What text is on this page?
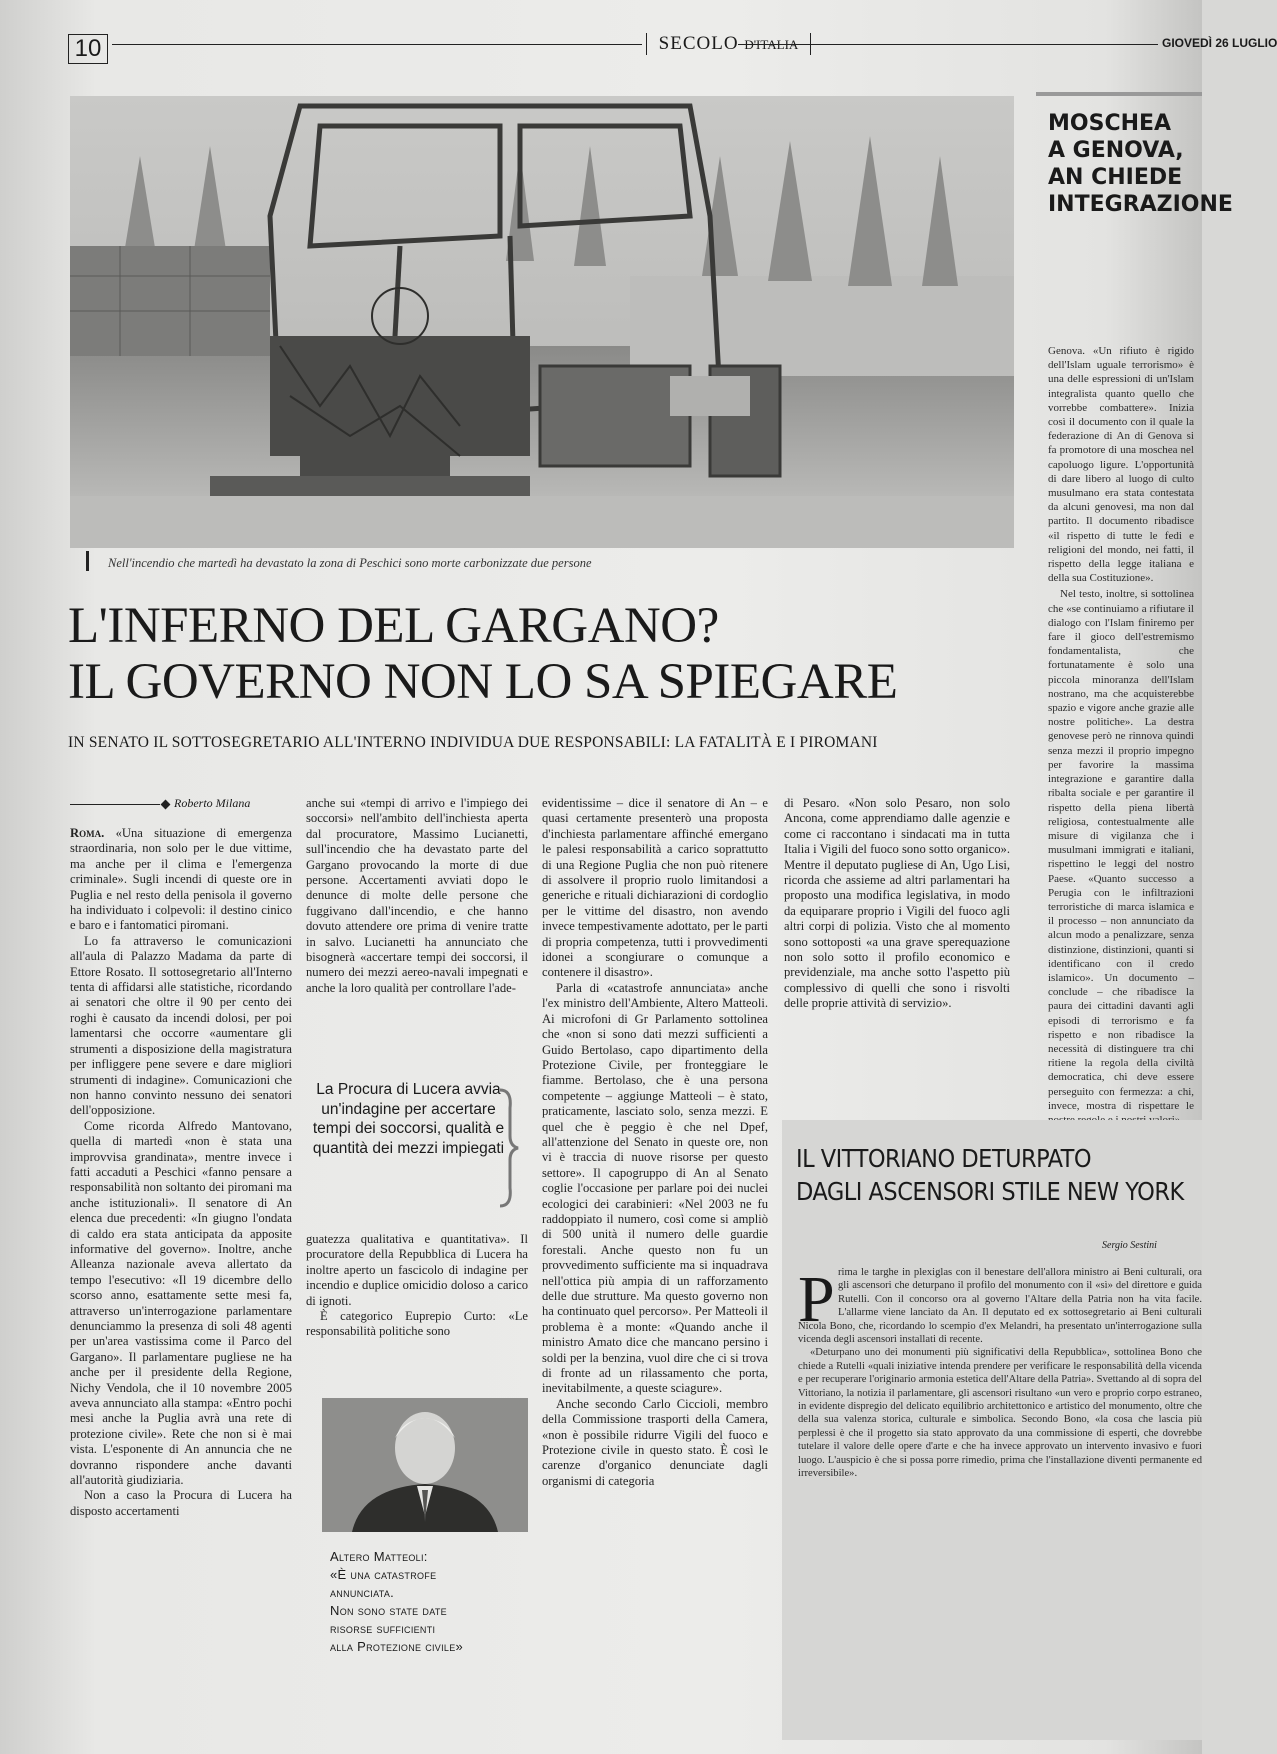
10	SECOLO D'ITALIA	GIOVEDÌ 26 LUGLIO
Nell'incendio che martedì ha devastato la zona di Peschici sono morte carbonizzate due persone
L'INFERNO DEL GARGANO?
IL GOVERNO NON LO SA SPIEGARE
IN SENATO IL SOTTOSEGRETARIO ALL'INTERNO INDIVIDUA DUE RESPONSABILI: LA FATALITÀ E I PIROMANI
Roberto Milana

Roma. «Una situazione di emergenza straordinaria, non solo per le due vittime, ma anche per il clima e l'emergenza criminale». Sugli incendi di queste ore in Puglia e nel resto della penisola il governo ha individuato i colpevoli: il destino cinico e baro e i fantomatici piromani.

Lo fa attraverso le comunicazioni all'aula di Palazzo Madama da parte di Ettore Rosato. Il sottosegretario all'Interno tenta di affidarsi alle statistiche, ricordando ai senatori che oltre il 90 per cento dei roghi è causato da incendi dolosi, per poi lamentarsi che occorre «aumentare gli strumenti a disposizione della magistratura per infliggere pene severe e dare migliori strumenti di indagine». Comunicazioni che non hanno convinto nessuno dei senatori dell'opposizione.

Come ricorda Alfredo Mantovano, quella di martedì «non è stata una improvvisa grandinata», mentre invece i fatti accaduti a Peschici «fanno pensare a responsabilità non soltanto dei piromani ma anche istituzionali». Il senatore di An elenca due precedenti: «In giugno l'ondata di caldo era stata anticipata da apposite informative del governo». Inoltre, anche Alleanza nazionale aveva allertato da tempo l'esecutivo: «Il 19 dicembre dello scorso anno, esattamente sette mesi fa, attraverso un'interrogazione parlamentare denunciammo la presenza di soli 48 agenti per un'area vastissima come il Parco del Gargano». Il parlamentare pugliese ne ha anche per il presidente della Regione, Nichy Vendola, che il 10 novembre 2005 aveva annunciato alla stampa: «Entro pochi mesi anche la Puglia avrà una rete di protezione civile». Rete che non si è mai vista. L'esponente di An annuncia che ne dovranno rispondere anche davanti all'autorità giudiziaria.

Non a caso la Procura di Lucera ha disposto accertamenti

anche sui «tempi di arrivo e l'impiego dei soccorsi» nell'ambito dell'inchiesta aperta dal procuratore, Massimo Lucianetti, sull'incendio che ha devastato parte del Gargano provocando la morte di due persone. Accertamenti avviati dopo le denunce di molte delle persone che fuggivano dall'incendio, e che hanno dovuto attendere ore prima di venire tratte in salvo. Lucianetti ha annunciato che bisognerà «accertare tempi dei soccorsi, il numero dei mezzi aereo-navali impegnati e anche la loro qualità per controllare l'ade-

La Procura di Lucera avvia un'indagine per accertare tempi dei soccorsi, qualità e quantità dei mezzi impiegati

guatezza qualitativa e quantitativa». Il procuratore della Repubblica di Lucera ha inoltre aperto un fascicolo di indagine per incendio e duplice omicidio doloso a carico di ignoti.

È categorico Euprepio Curto: «Le responsabilità politiche sono

Altero Matteoli:
«È una catastrofe
annunciata.
Non sono state date
risorse sufficienti
alla Protezione civile»

evidentissime – dice il senatore di An – e quasi certamente presenterò una proposta d'inchiesta parlamentare affinché emergano le palesi responsabilità a carico soprattutto di una Regione Puglia che non può ritenere di assolvere il proprio ruolo limitandosi a generiche e rituali dichiarazioni di cordoglio per le vittime del disastro, non avendo invece tempestivamente adottato, per le parti di propria competenza, tutti i provvedimenti idonei a scongiurare o comunque a contenere il disastro».

Parla di «catastrofe annunciata» anche l'ex ministro dell'Ambiente, Altero Matteoli. Ai microfoni di Gr Parlamento sottolinea che «non si sono dati mezzi sufficienti a Guido Bertolaso, capo dipartimento della Protezione Civile, per fronteggiare le fiamme. Bertolaso, che è una persona competente – aggiunge Matteoli – è stato, praticamente, lasciato solo, senza mezzi. E quel che è peggio è che nel Dpef, all'attenzione del Senato in queste ore, non vi è traccia di nuove risorse per questo settore». Il capogruppo di An al Senato coglie l'occasione per parlare poi dei nuclei ecologici dei carabinieri: «Nel 2003 ne fu raddoppiato il numero, così come si ampliò di 500 unità il numero delle guardie forestali. Anche questo non fu un provvedimento sufficiente ma si inquadrava nell'ottica più ampia di un rafforzamento delle due strutture. Ma questo governo non ha continuato quel percorso». Per Matteoli il problema è a monte: «Quando anche il ministro Amato dice che mancano persino i soldi per la benzina, vuol dire che ci si trova di fronte ad un rilassamento che porta, inevitabilmente, a queste sciagure».

Anche secondo Carlo Ciccioli, membro della Commissione trasporti della Camera, «non è possibile ridurre Vigili del fuoco e Protezione civile in questo stato. È così le carenze d'organico denunciate dagli organismi di categoria

di Pesaro. «Non solo Pesaro, non solo Ancona, come apprendiamo dalle agenzie e come ci raccontano i sindacati ma in tutta Italia i Vigili del fuoco sono sotto organico». Mentre il deputato pugliese di An, Ugo Lisi, ricorda che assieme ad altri parlamentari ha proposto una modifica legislativa, in modo da equiparare proprio i Vigili del fuoco agli altri corpi di polizia. Visto che al momento sono sottoposti «a una grave sperequazione non solo sotto il profilo economico e previdenziale, ma anche sotto l'aspetto più complessivo di quelli che sono i risvolti delle proprie attività di servizio».

MOSCHEA
A GENOVA,
AN CHIEDE
INTEGRAZIONE

Genova. «Un rifiuto è rigido dell'Islam uguale terrorismo» è una delle espressioni di un'Islam integralista quanto quello che vorrebbe combattere». Inizia così il documento con il quale la federazione di An di Genova si fa promotore di una moschea nel capoluogo ligure. L'opportunità di dare libero al luogo di culto musulmano era stata contestata da alcuni genovesi, ma non dal partito. Il documento ribadisce «il rispetto di tutte le fedi e religioni del mondo, nei fatti, il rispetto della legge italiana e della sua Costituzione».

Nel testo, inoltre, si sottolinea che «se continuiamo a rifiutare il dialogo con l'Islam finiremo per fare il gioco dell'estremismo fondamentalista, che fortunatamente è solo una piccola minoranza dell'Islam nostrano, ma che acquisterebbe spazio e vigore anche grazie alle nostre politiche». La destra genovese però ne rinnova quindi senza mezzi il proprio impegno per favorire la massima integrazione e garantire dalla ribalta sociale e per garantire il rispetto della piena libertà religiosa, contestualmente alle misure di vigilanza che i musulmani immigrati e italiani, rispettino le leggi del nostro Paese. «Quanto successo a Perugia con le infiltrazioni terroristiche di marca islamica e il processo – non annunciato da alcun modo a penalizzare, senza distinzione, distinzioni, quanti si identificano con il credo islamico». Un documento – conclude – che ribadisce la paura dei cittadini davanti agli episodi di terrorismo e fa rispetto e non ribadisce la necessità di distinguere tra chi ritiene la regola della civiltà democratica, chi deve essere perseguito con fermezza: a chi, invece, mostra di rispettare le

IL VITTORIANO DETURPATO
DAGLI ASCENSORI STILE NEW YORK
Sergio Sestini

rima le targhe in plexiglas con il benestare dell'allora ministro ai Beni culturali, ora gli ascensori che deturpano il profilo del monumento con il «sì» del direttore e guida Rutelli. Con il concorso ora al governo l'Altare della Patria non ha vita facile. L'allarme viene lanciato da An. Il deputato ed ex sottosegretario ai Beni culturali Nicola Bono, che, ricordando lo scempio d'ex Melandri, ha presentato un'interrogazione sulla vicenda degli ascensori installati di recente.

«Deturpano uno dei monumenti più significativi della Repubblica», sottolinea Bono che chiede a Rutelli «quali iniziative intenda prendere per verificare le responsabilità della vicenda e per recuperare l'originario armonia estetica dell'Altare della Patria». Svettando al di sopra del Vittoriano, la notizia il parlamentare, gli ascensori risultano «un vero e proprio corpo estraneo, in evidente dispregio del delicato equilibrio architettonico e artistico del monumento, oltre che della sua valenza storica, culturale e simbolica. Secondo Bono, «la cosa che lascia più perplessi è che il progetto sia stato approvato da una commissione di esperti, che dovrebbe tutelare il valore delle opere d'arte e che ha invece approvato un intervento invasivo e fuori luogo. L'auspicio è che si possa porre rimedio, prima che l'installazione diventi permanente ed irreversibile».

P
